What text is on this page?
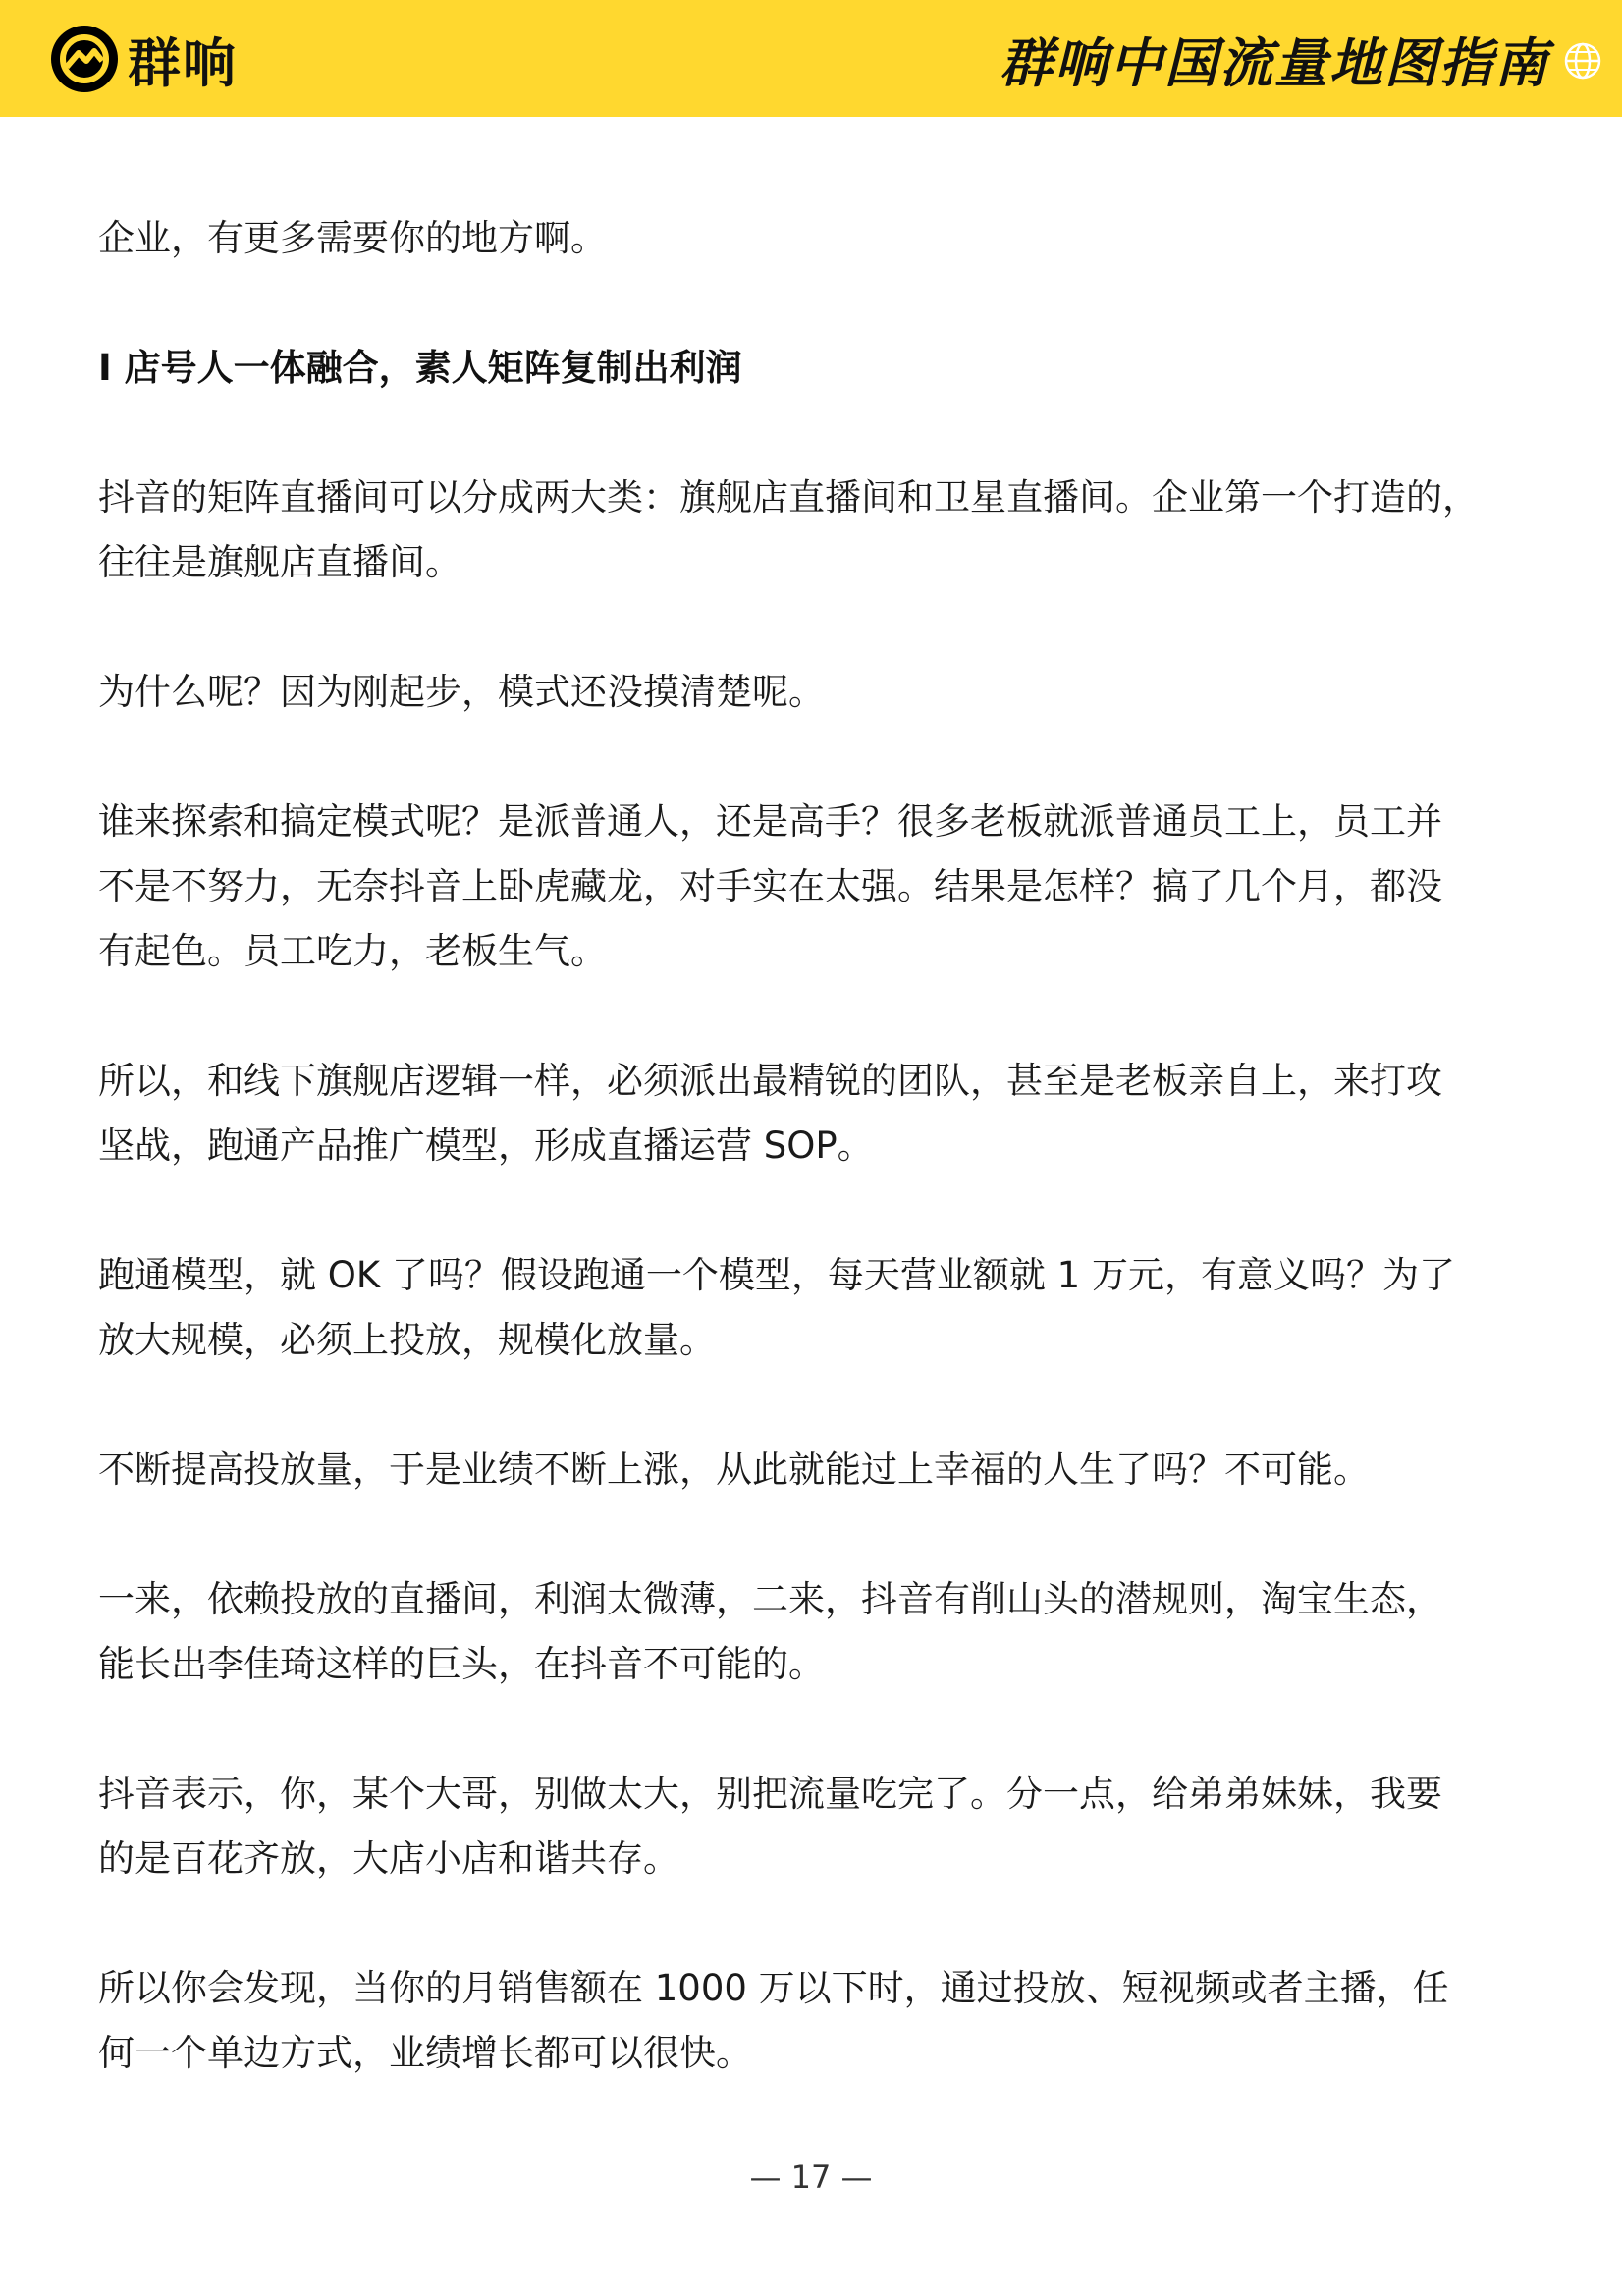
群响	群响中国流量地图指南

企业，有更多需要你的地方啊。

I 店号人一体融合，素人矩阵复制出利润

抖音的矩阵直播间可以分成两大类：旗舰店直播间和卫星直播间。企业第一个打造的，

往往是旗舰店直播间。

为什么呢？因为刚起步，模式还没摸清楚呢。

谁来探索和搞定模式呢？是派普通人，还是高手？很多老板就派普通员工上，员工并

不是不努力，无奈抖音上卧虎藏龙，对手实在太强。结果是怎样？搞了几个月，都没

有起色。员工吃力，老板生气。

所以，和线下旗舰店逻辑一样，必须派出最精锐的团队，甚至是老板亲自上，来打攻

坚战，跑通产品推广模型，形成直播运营 SOP。

跑通模型，就 OK 了吗？假设跑通一个模型，每天营业额就 1 万元，有意义吗？为了

放大规模，必须上投放，规模化放量。

不断提高投放量，于是业绩不断上涨，从此就能过上幸福的人生了吗？不可能。

一来，依赖投放的直播间，利润太微薄，二来，抖音有削山头的潜规则，淘宝生态，

能长出李佳琦这样的巨头，在抖音不可能的。

抖音表示，你，某个大哥，别做太大，别把流量吃完了。分一点，给弟弟妹妹，我要

的是百花齐放，大店小店和谐共存。

所以你会发现，当你的月销售额在 1000 万以下时，通过投放、短视频或者主播，任

何一个单边方式，业绩增长都可以很快。

— 17 —
